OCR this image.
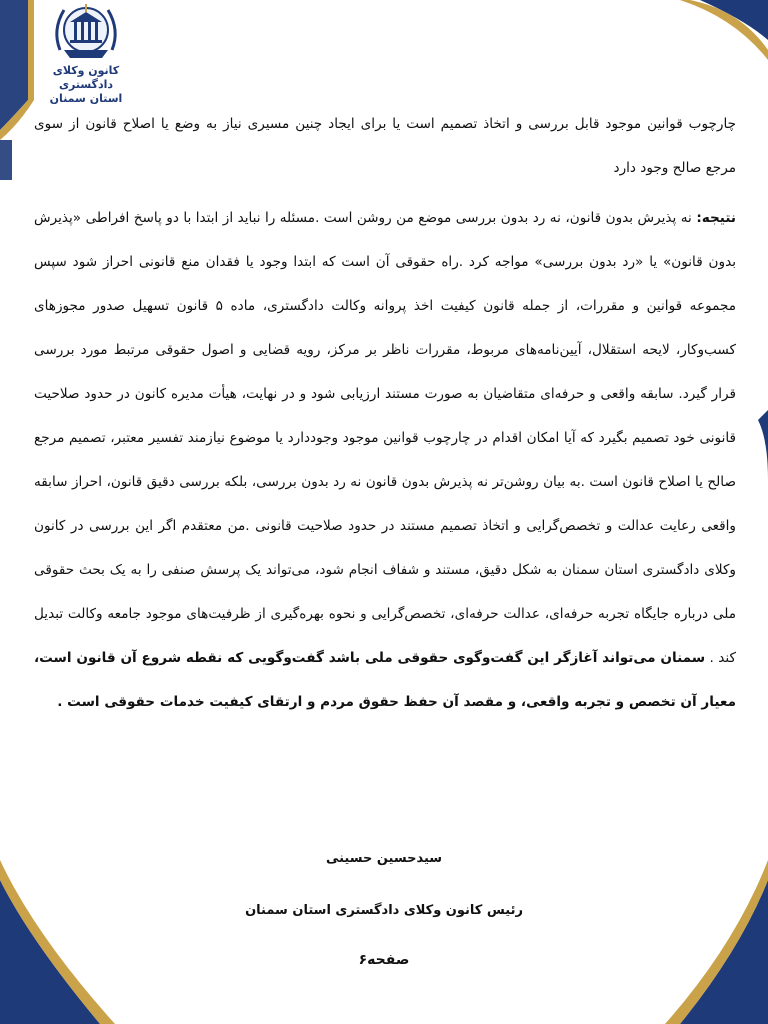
کانون وکلای دادگستری
استان سمنان

چارچوب قوانین موجود قابل بررسی و اتخاذ تصمیم است یا برای ایجاد چنین مسیری نیاز به وضع یا اصلاح قانون از سوی مرجع صالح وجود دارد

نتیجه: نه پذیرش بدون قانون، نه رد بدون بررسی موضع من روشن است .مسئله را نباید از ابتدا با دو پاسخ افراطی «پذیرش بدون قانون» یا «رد بدون بررسی» مواجه کرد .راه حقوقی آن است که ابتدا وجود یا فقدان منع قانونی احراز شود سپس مجموعه قوانین و مقررات، از جمله قانون کیفیت اخذ پروانه وکالت دادگستری، ماده ۵ قانون تسهیل صدور مجوزهای کسب‌وکار، لایحه استقلال، آیین‌نامه‌های مربوط، مقررات ناظر بر مرکز، رویه قضایی و اصول حقوقی مرتبط مورد بررسی قرار گیرد. سابقه واقعی و حرفه‌ای متقاضیان به صورت مستند ارزیابی شود و در نهایت، هیأت مدیره کانون در حدود صلاحیت قانونی خود تصمیم بگیرد که آیا امکان اقدام در چارچوب قوانین موجود وجوددارد یا موضوع نیازمند تفسیر معتبر، تصمیم مرجع صالح یا اصلاح قانون است .به بیان روشن‌تر نه پذیرش بدون قانون نه رد بدون بررسی، بلکه بررسی دقیق قانون، احراز سابقه واقعی رعایت عدالت و تخصص‌گرایی و اتخاذ تصمیم مستند در حدود صلاحیت قانونی .من معتقدم اگر این بررسی در کانون وکلای دادگستری استان سمنان به شکل دقیق، مستند و شفاف انجام شود، می‌تواند یک پرسش صنفی را به یک بحث حقوقی ملی درباره جایگاه تجربه حرفه‌ای، عدالت حرفه‌ای، تخصص‌گرایی و نحوه بهره‌گیری از ظرفیت‌های موجود جامعه وکالت تبدیل کند . سمنان می‌تواند آغازگر این گفت‌وگوی حقوقی ملی باشد گفت‌وگویی که نقطه شروع آن قانون است، معیار آن تخصص و تجربه واقعی، و مقصد آن حفظ حقوق مردم و ارتقای کیفیت خدمات حقوقی است .

سیدحسین حسینی
رئیس کانون وکلای دادگستری استان سمنان
صفحه۶
